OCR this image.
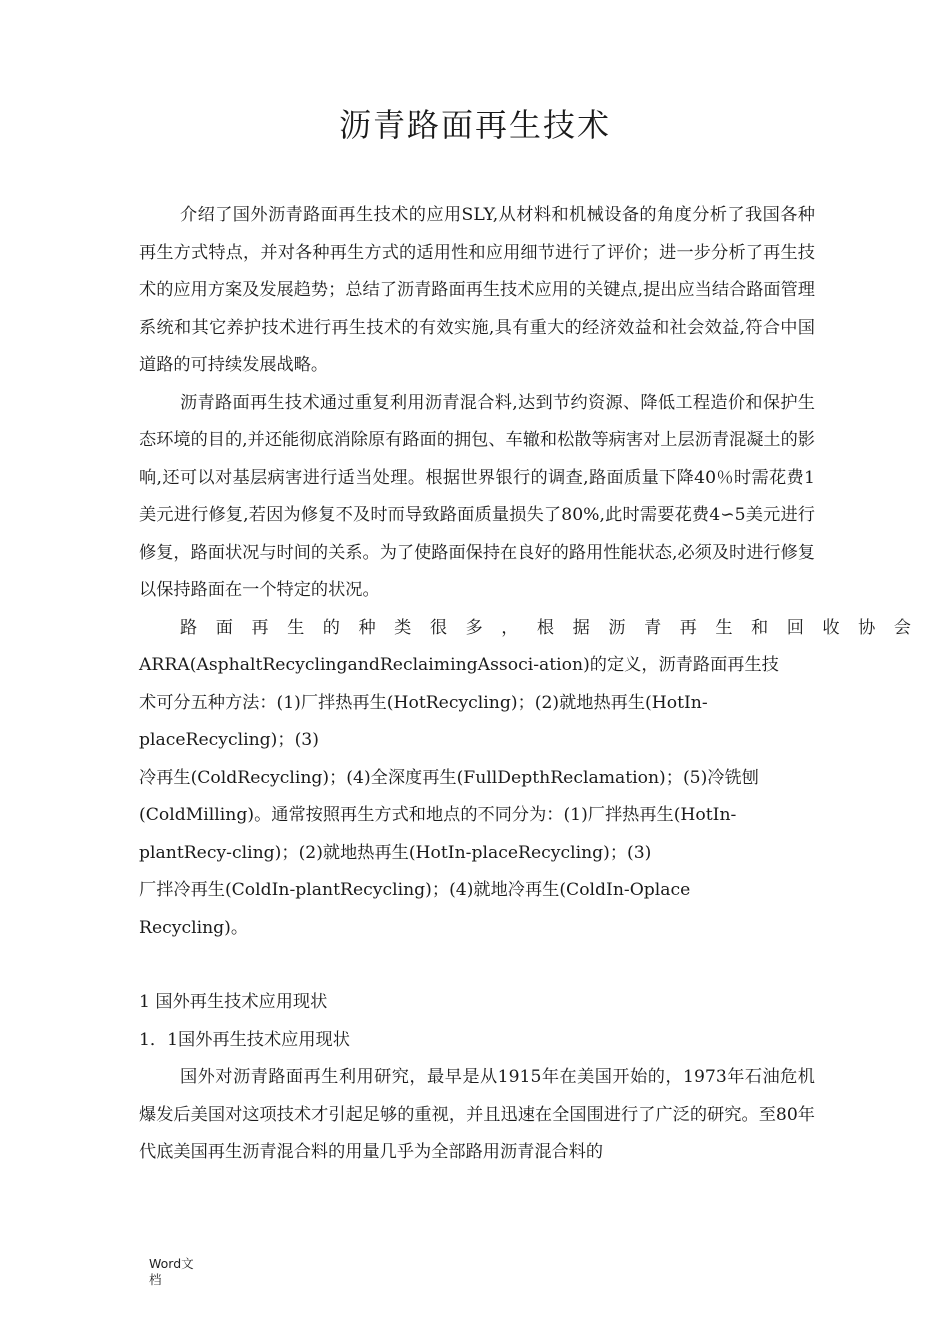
沥青路面再生技术

介绍了国外沥青路面再生技术的应用SLY,从材料和机械设备的角度分析了我国各种再生方式特点，并对各种再生方式的适用性和应用细节进行了评价；进一步分析了再生技术的应用方案及发展趋势；总结了沥青路面再生技术应用的关键点,提出应当结合路面管理系统和其它养护技术进行再生技术的有效实施,具有重大的经济效益和社会效益,符合中国道路的可持续发展战略。

沥青路面再生技术通过重复利用沥青混合料,达到节约资源、降低工程造价和保护生态环境的目的,并还能彻底消除原有路面的拥包、车辙和松散等病害对上层沥青混凝土的影响,还可以对基层病害进行适当处理。根据世界银行的调查,路面质量下降40％时需花费1美元进行修复,若因为修复不及时而导致路面质量损失了80%,此时需要花费4∽5美元进行修复，路面状况与时间的关系。为了使路面保持在良好的路用性能状态,必须及时进行修复以保持路面在一个特定的状况。

路面再生的种类很多，根据沥青再生和回收协会
ARRA(AsphaltRecyclingandReclaimingAssoci-ation)的定义，沥青路面再生技
术可分五种方法：(1)厂拌热再生(HotRecycling)；(2)就地热再生(HotIn-
placeRecycling)；(3)
冷再生(ColdRecycling)；(4)全深度再生(FullDepthReclamation)；(5)冷铣刨
(ColdMilling)。通常按照再生方式和地点的不同分为：(1)厂拌热再生(HotIn-
plantRecy-cling)；(2)就地热再生(HotIn-placeRecycling)；(3)
厂拌冷再生(ColdIn-plantRecycling)；(4)就地冷再生(ColdIn-Oplace
Recycling)。

1 国外再生技术应用现状

1．1国外再生技术应用现状

国外对沥青路面再生利用研究，最早是从1915年在美国开始的，1973年石油危机爆发后美国对这项技术才引起足够的重视，并且迅速在全国围进行了广泛的研究。至80年代底美国再生沥青混合料的用量几乎为全部路用沥青混合料的

Word文
档
